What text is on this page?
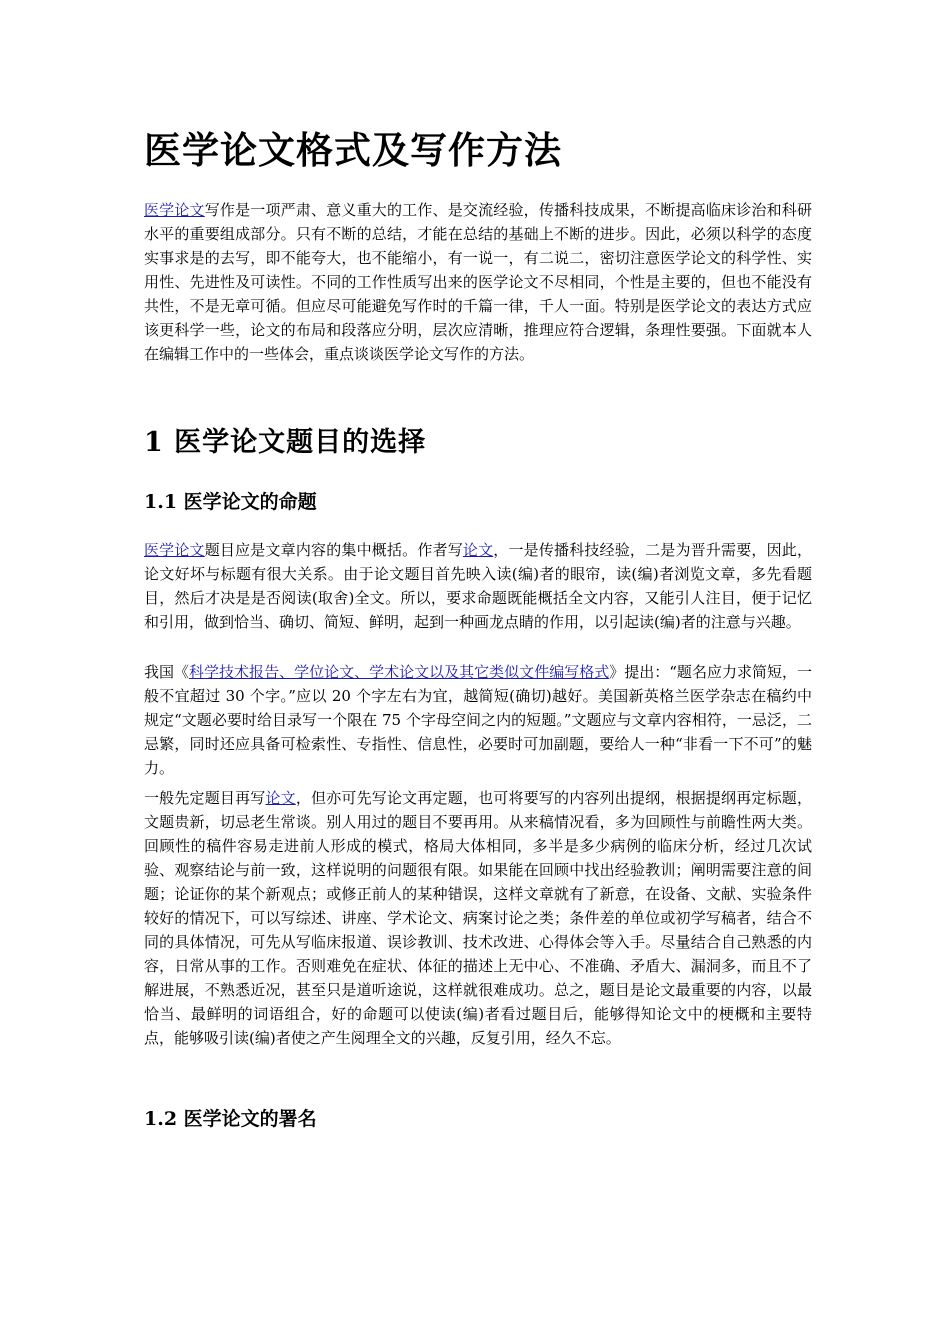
医学论文格式及写作方法

医学论文写作是一项严肃、意义重大的工作、是交流经验，传播科技成果，不断提高临床诊治和科研水平的重要组成部分。只有不断的总结，才能在总结的基础上不断的进步。因此，必须以科学的态度实事求是的去写，即不能夸大，也不能缩小，有一说一，有二说二，密切注意医学论文的科学性、实用性、先进性及可读性。不同的工作性质写出来的医学论文不尽相同，个性是主要的，但也不能没有共性，不是无章可循。但应尽可能避免写作时的千篇一律，千人一面。特别是医学论文的表达方式应该更科学一些，论文的布局和段落应分明，层次应清晰，推理应符合逻辑，条理性要强。下面就本人在编辑工作中的一些体会，重点谈谈医学论文写作的方法。

1 医学论文题目的选择
1.1 医学论文的命题

医学论文题目应是文章内容的集中概括。作者写论文，一是传播科技经验，二是为晋升需要，因此，论文好坏与标题有很大关系。由于论文题目首先映入读(编)者的眼帘，读(编)者浏览文章，多先看题目，然后才决是是否阅读(取舍)全文。所以，要求命题既能概括全文内容，又能引人注目，便于记忆和引用，做到恰当、确切、简短、鲜明，起到一种画龙点睛的作用，以引起读(编)者的注意与兴趣。

我国《科学技术报告、学位论文、学术论文以及其它类似文件编写格式》提出：“题名应力求简短，一般不宜超过 30 个字。”应以 20 个字左右为宜，越简短(确切)越好。美国新英格兰医学杂志在稿约中规定“文题必要时给目录写一个限在 75 个字母空间之内的短题。”文题应与文章内容相符，一忌泛，二忌繁，同时还应具备可检索性、专指性、信息性，必要时可加副题，要给人一种“非看一下不可”的魅力。

一般先定题目再写论文，但亦可先写论文再定题，也可将要写的内容列出提纲，根据提纲再定标题，文题贵新，切忌老生常谈。别人用过的题目不要再用。从来稿情况看，多为回顾性与前瞻性两大类。回顾性的稿件容易走进前人形成的模式，格局大体相同，多半是多少病例的临床分析，经过几次试验、观察结论与前一致，这样说明的问题很有限。如果能在回顾中找出经验教训；阐明需要注意的间题；论证你的某个新观点；或修正前人的某种错误，这样文章就有了新意，在设备、文献、实验条件较好的情况下，可以写综述、讲座、学术论文、病案讨论之类；条件差的单位或初学写稿者，结合不同的具体情况，可先从写临床报道、误诊教训、技术改进、心得体会等入手。尽量结合自己熟悉的内容，日常从事的工作。否则难免在症状、体征的描述上无中心、不准确、矛盾大、漏洞多，而且不了解进展，不熟悉近况，甚至只是道听途说，这样就很难成功。总之，题目是论文最重要的内容，以最恰当、最鲜明的词语组合，好的命题可以使读(编)者看过题目后，能够得知论文中的梗概和主要特点，能够吸引读(编)者使之产生阅理全文的兴趣，反复引用，经久不忘。

1.2 医学论文的署名
